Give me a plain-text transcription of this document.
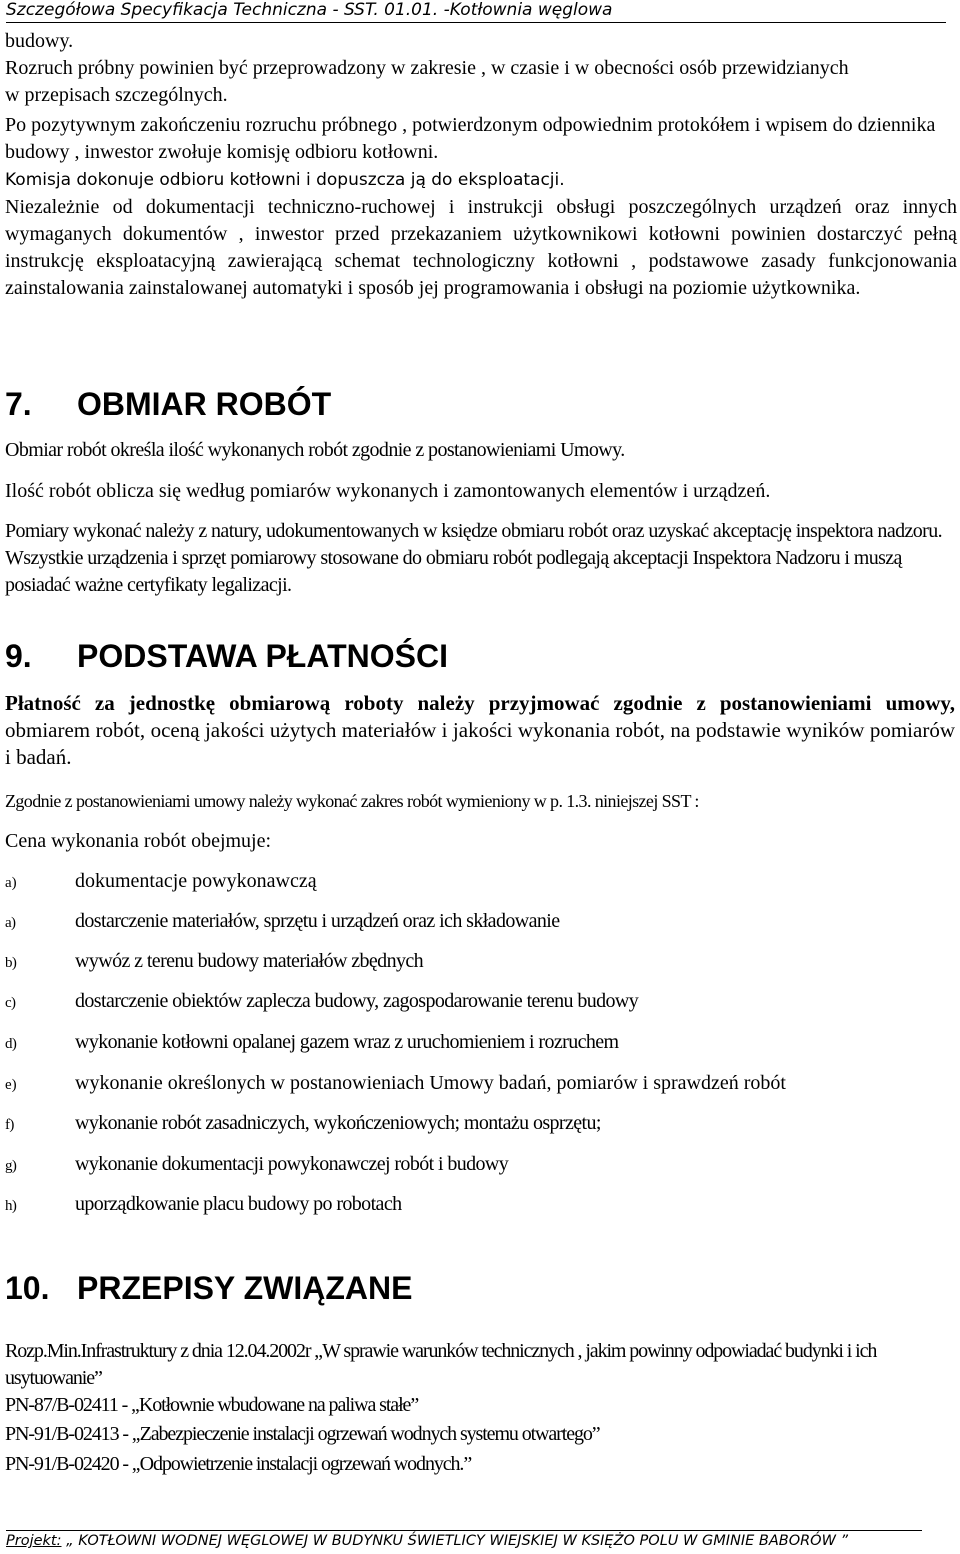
Szczegółowa Specyfikacja Techniczna - SST. 01.01. -Kotłownia węglowa
budowy.
Rozruch próbny powinien być przeprowadzony w zakresie , w czasie i w obecności osób przewidzianych w przepisach szczególnych.
Po pozytywnym zakończeniu rozruchu próbnego , potwierdzonym odpowiednim protokółem i wpisem do dziennika budowy , inwestor zwołuje komisję odbioru kotłowni.
Komisja dokonuje odbioru kotłowni i dopuszcza ją do eksploatacji.
Niezależnie od dokumentacji techniczno-ruchowej i instrukcji obsługi poszczególnych urządzeń oraz innych wymaganych dokumentów , inwestor przed przekazaniem użytkownikowi kotłowni powinien dostarczyć pełną instrukcję eksploatacyjną zawierającą schemat technologiczny kotłowni , podstawowe zasady funkcjonowania zainstalowania zainstalowanej automatyki i sposób jej programowania i obsługi na poziomie użytkownika.
7. OBMIAR ROBÓT
Obmiar robót określa ilość wykonanych robót zgodnie z postanowieniami Umowy.
Ilość robót oblicza się według pomiarów wykonanych i zamontowanych elementów i urządzeń.
Pomiary wykonać należy z natury, udokumentowanych w księdze obmiaru robót oraz uzyskać akceptację inspektora nadzoru. Wszystkie urządzenia i sprzęt pomiarowy stosowane do obmiaru robót podlegają akceptacji Inspektora Nadzoru i muszą posiadać ważne certyfikaty legalizacji.
9. PODSTAWA PŁATNOŚCI
Płatność za jednostkę obmiarową roboty należy przyjmować zgodnie z postanowieniami umowy, obmiarem robót, oceną jakości użytych materiałów i jakości wykonania robót, na podstawie wyników pomiarów i badań.
Zgodnie z postanowieniami umowy należy wykonać zakres robót wymieniony w p. 1.3. niniejszej SST :
Cena wykonania robót obejmuje:
a)	dokumentacje powykonawczą
a)	dostarczenie materiałów, sprzętu i urządzeń oraz ich składowanie
b)	wywóz z terenu budowy materiałów zbędnych
c)	dostarczenie obiektów zaplecza budowy, zagospodarowanie terenu budowy
d)	wykonanie kotłowni opalanej gazem wraz z uruchomieniem i rozruchem
e)	wykonanie określonych w postanowieniach Umowy badań, pomiarów i sprawdzeń robót
f)	wykonanie robót zasadniczych, wykończeniowych; montażu osprzętu;
g)	wykonanie dokumentacji powykonawczej robót i budowy
h)	uporządkowanie placu budowy po robotach
10. PRZEPISY ZWIĄZANE
Rozp.Min.Infrastruktury z dnia 12.04.2002r ,,W sprawie warunków technicznych , jakim powinny odpowiadać budynki i ich usytuowanie”
PN-87/B-02411 - ,,Kotłownie wbudowane na paliwa stałe”
PN-91/B-02413 - ,,Zabezpieczenie instalacji ogrzewań wodnych systemu otwartego”
PN-91/B-02420 - ,,Odpowietrzenie instalacji ogrzewań wodnych.”
Projekt: „ KOTŁOWNI WODNEJ WĘGLOWEJ W BUDYNKU ŚWIETLICY WIEJSKIEJ W KSIĘŻO POLU W GMINIE BABORÓW ”
